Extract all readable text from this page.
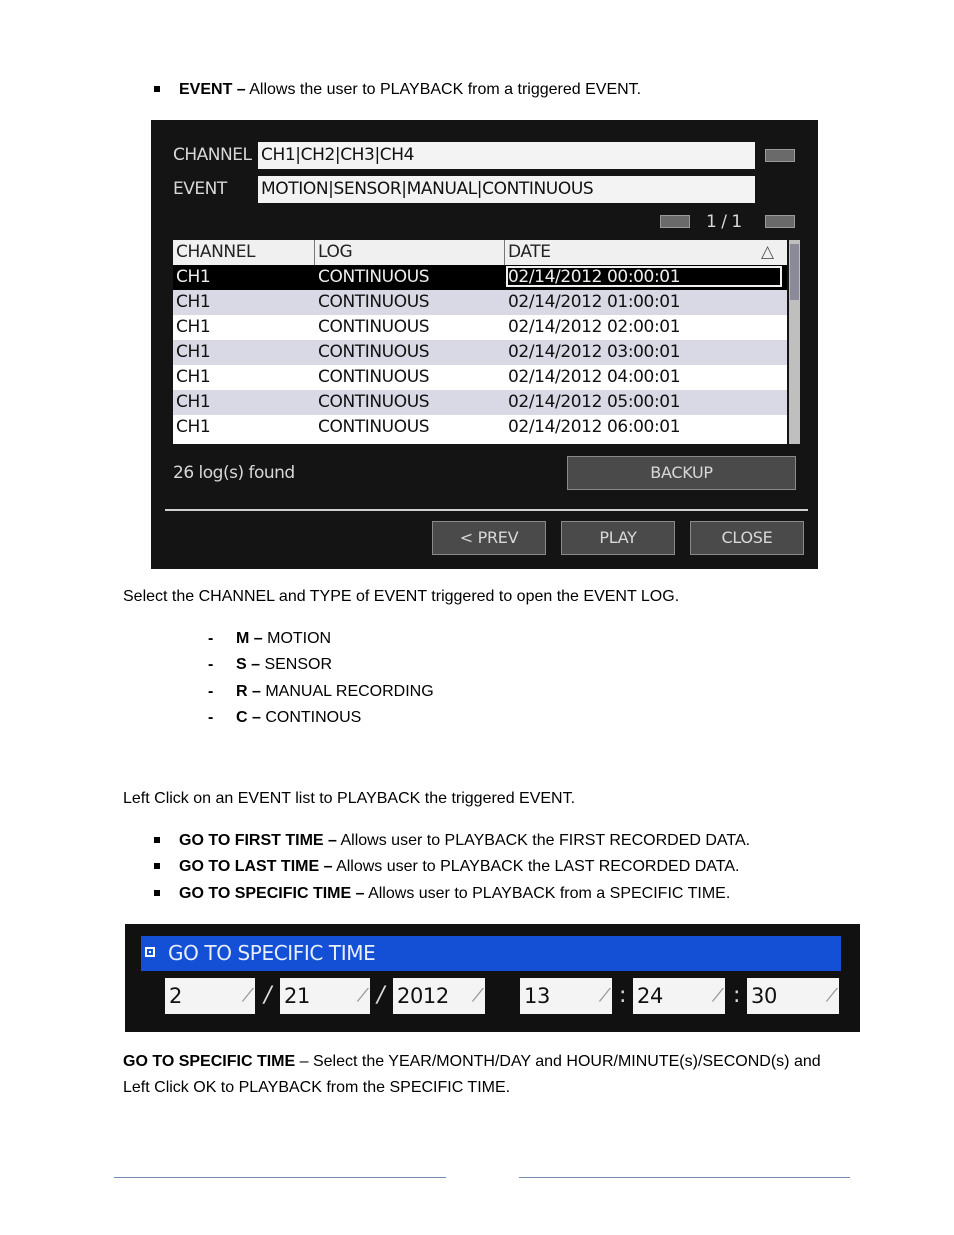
EVENT – Allows the user to PLAYBACK from a triggered EVENT.
CHANNEL CH1|CH2|CH3|CH4
EVENT MOTION|SENSOR|MANUAL|CONTINUOUS
1 / 1
CHANNEL	LOG	DATE	△
CH1	CONTINUOUS	02/14/2012 00:00:01
CH1	CONTINUOUS	02/14/2012 01:00:01
CH1	CONTINUOUS	02/14/2012 02:00:01
CH1	CONTINUOUS	02/14/2012 03:00:01
CH1	CONTINUOUS	02/14/2012 04:00:01
CH1	CONTINUOUS	02/14/2012 05:00:01
CH1	CONTINUOUS	02/14/2012 06:00:01
26 log(s) found	BACKUP
< PREV	PLAY	CLOSE
Select the CHANNEL and TYPE of EVENT triggered to open the EVENT LOG.
- M – MOTION
- S – SENSOR
- R – MANUAL RECORDING
- C – CONTINOUS
Left Click on an EVENT list to PLAYBACK the triggered EVENT.
GO TO FIRST TIME – Allows user to PLAYBACK the FIRST RECORDED DATA.
GO TO LAST TIME – Allows user to PLAYBACK the LAST RECORDED DATA.
GO TO SPECIFIC TIME – Allows user to PLAYBACK from a SPECIFIC TIME.
GO TO SPECIFIC TIME
2	⁄ / 21	⁄ / 2012 ⁄ 13	⁄ : 24	⁄ : 30	⁄
GO TO SPECIFIC TIME – Select the YEAR/MONTH/DAY and HOUR/MINUTE(s)/SECOND(s) and
Left Click OK to PLAYBACK from the SPECIFIC TIME.
